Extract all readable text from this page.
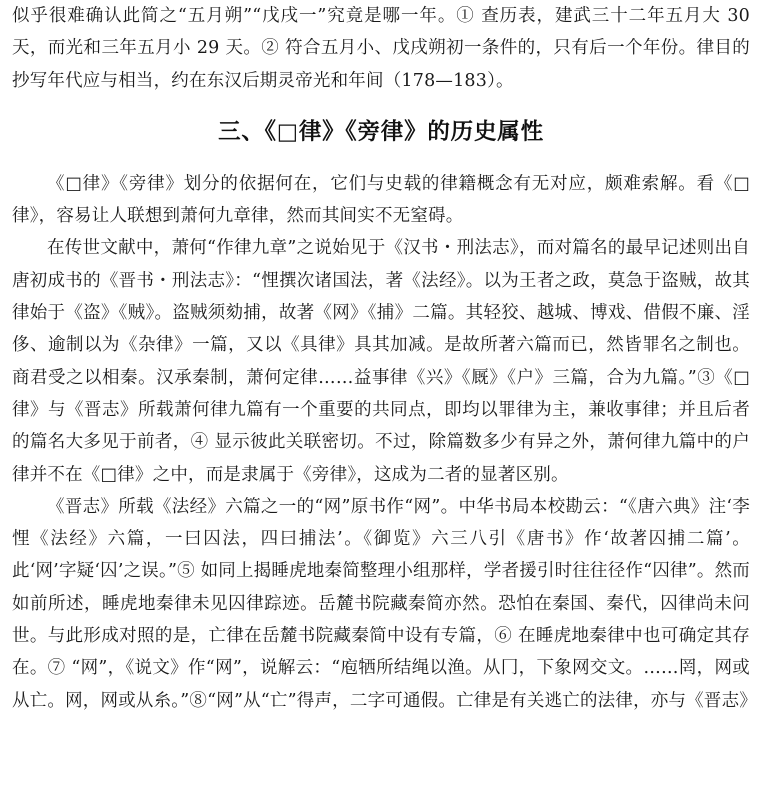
似乎很难确认此简之“五月朔”“戊戌一”究竟是哪一年。① 查历表，建武三十二年五月大 30 天，而光和三年五月小 29 天。② 符合五月小、戊戌朔初一条件的，只有后一个年份。律目的抄写年代应与相当，约在东汉后期灵帝光和年间（178—183）。

三、《□律》《旁律》的历史属性

《□律》《旁律》划分的依据何在，它们与史载的律籍概念有无对应，颇难索解。看《□律》，容易让人联想到萧何九章律，然而其间实不无窒碍。

在传世文献中，萧何“作律九章”之说始见于《汉书・刑法志》，而对篇名的最早记述则出自唐初成书的《晋书・刑法志》：“悝撰次诸国法，著《法经》。以为王者之政，莫急于盗贼，故其律始于《盗》《贼》。盗贼须劾捕，故著《网》《捕》二篇。其轻狡、越城、博戏、借假不廉、淫侈、逾制以为《杂律》一篇，又以《具律》具其加减。是故所著六篇而已，然皆罪名之制也。商君受之以相秦。汉承秦制，萧何定律……益事律《兴》《厩》《户》三篇，合为九篇。”③《□律》与《晋志》所载萧何律九篇有一个重要的共同点，即均以罪律为主，兼收事律；并且后者的篇名大多见于前者，④ 显示彼此关联密切。不过，除篇数多少有异之外，萧何律九篇中的户律并不在《□律》之中，而是隶属于《旁律》，这成为二者的显著区别。

《晋志》所载《法经》六篇之一的“网”原书作“网”。中华书局本校勘云：“《唐六典》注‘李悝《法经》六篇，一曰囚法，四曰捕法’。《御览》六三八引《唐书》作‘故著囚捕二篇’。此‘网’字疑‘囚’之误。”⑤ 如同上揭睡虎地秦简整理小组那样，学者援引时往往径作“囚律”。然而如前所述，睡虎地秦律未见囚律踪迹。岳麓书院藏秦简亦然。恐怕在秦国、秦代，囚律尚未问世。与此形成对照的是，亡律在岳麓书院藏秦简中设有专篇，⑥ 在睡虎地秦律中也可确定其存在。⑦ “网”，《说文》作“网”，说解云：“庖牺所结绳以渔。从冂，下象网交文。……罔，网或从亡。网，网或从糸。”⑧“网”从“亡”得声，二字可通假。亡律是有关逃亡的法律，亦与《晋志》
